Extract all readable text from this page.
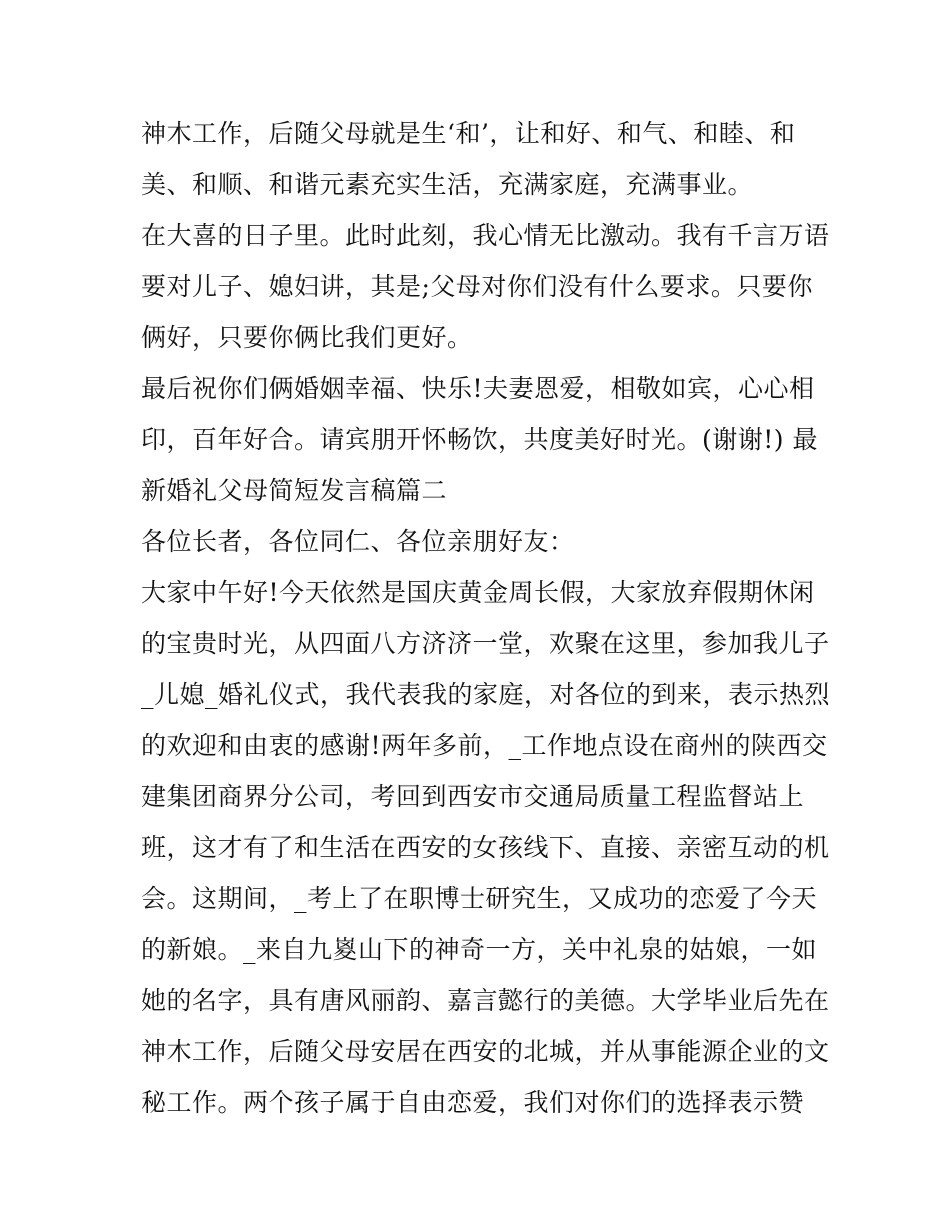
神木工作，后随父母就是生‘和’，让和好、和气、和睦、和
美、和顺、和谐元素充实生活，充满家庭，充满事业。
在大喜的日子里。此时此刻，我心情无比激动。我有千言万语
要对儿子、媳妇讲，其是;父母对你们没有什么要求。只要你
俩好，只要你俩比我们更好。
最后祝你们俩婚姻幸福、快乐!夫妻恩爱，相敬如宾，心心相
印，百年好合。请宾朋开怀畅饮，共度美好时光。(谢谢!) 最
新婚礼父母简短发言稿篇二
各位长者，各位同仁、各位亲朋好友：
大家中午好!今天依然是国庆黄金周长假，大家放弃假期休闲
的宝贵时光，从四面八方济济一堂，欢聚在这里，参加我儿子
_儿媳_婚礼仪式，我代表我的家庭，对各位的到来，表示热烈
的欢迎和由衷的感谢!两年多前，_工作地点设在商州的陕西交
建集团商界分公司，考回到西安市交通局质量工程监督站上
班，这才有了和生活在西安的女孩线下、直接、亲密互动的机
会。这期间，_考上了在职博士研究生，又成功的恋爱了今天
的新娘。_来自九嵏山下的神奇一方，关中礼泉的姑娘，一如
她的名字，具有唐风丽韵、嘉言懿行的美德。大学毕业后先在
神木工作，后随父母安居在西安的北城，并从事能源企业的文
秘工作。两个孩子属于自由恋爱，我们对你们的选择表示赞
